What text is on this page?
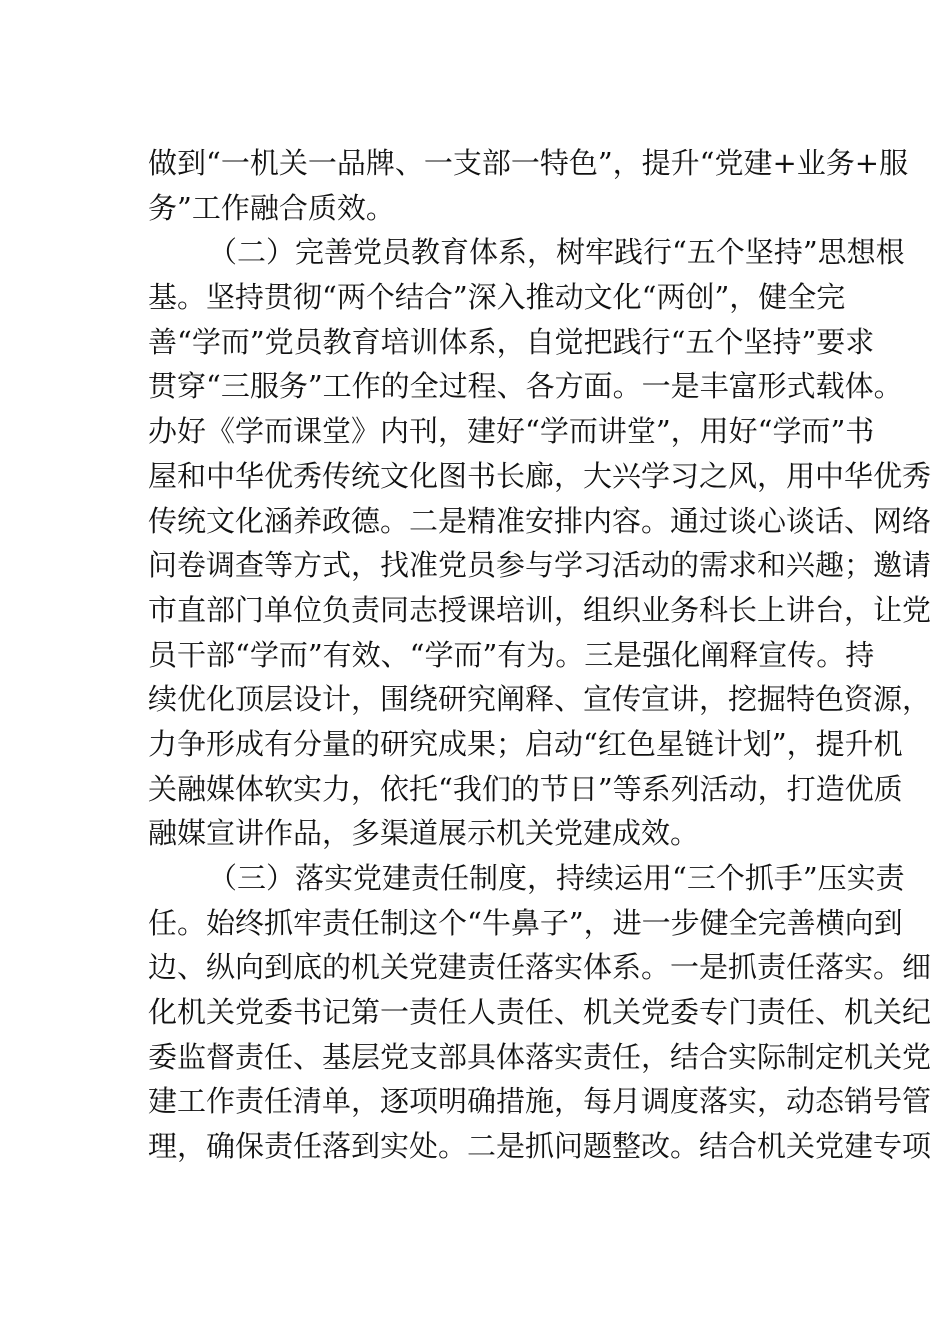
做到“一机关一品牌、一支部一特色”，提升“党建+业务+服
务”工作融合质效。
（二）完善党员教育体系，树牢践行“五个坚持”思想根
基。坚持贯彻“两个结合”深入推动文化“两创”，健全完
善“学而”党员教育培训体系，自觉把践行“五个坚持”要求
贯穿“三服务”工作的全过程、各方面。一是丰富形式载体。
办好《学而课堂》内刊，建好“学而讲堂”，用好“学而”书
屋和中华优秀传统文化图书长廊，大兴学习之风，用中华优秀
传统文化涵养政德。二是精准安排内容。通过谈心谈话、网络
问卷调查等方式，找准党员参与学习活动的需求和兴趣；邀请
市直部门单位负责同志授课培训，组织业务科长上讲台，让党
员干部“学而”有效、“学而”有为。三是强化阐释宣传。持
续优化顶层设计，围绕研究阐释、宣传宣讲，挖掘特色资源，
力争形成有分量的研究成果；启动“红色星链计划”，提升机
关融媒体软实力，依托“我们的节日”等系列活动，打造优质
融媒宣讲作品，多渠道展示机关党建成效。
（三）落实党建责任制度，持续运用“三个抓手”压实责
任。始终抓牢责任制这个“牛鼻子”，进一步健全完善横向到
边、纵向到底的机关党建责任落实体系。一是抓责任落实。细
化机关党委书记第一责任人责任、机关党委专门责任、机关纪
委监督责任、基层党支部具体落实责任，结合实际制定机关党
建工作责任清单，逐项明确措施，每月调度落实，动态销号管
理，确保责任落到实处。二是抓问题整改。结合机关党建专项
